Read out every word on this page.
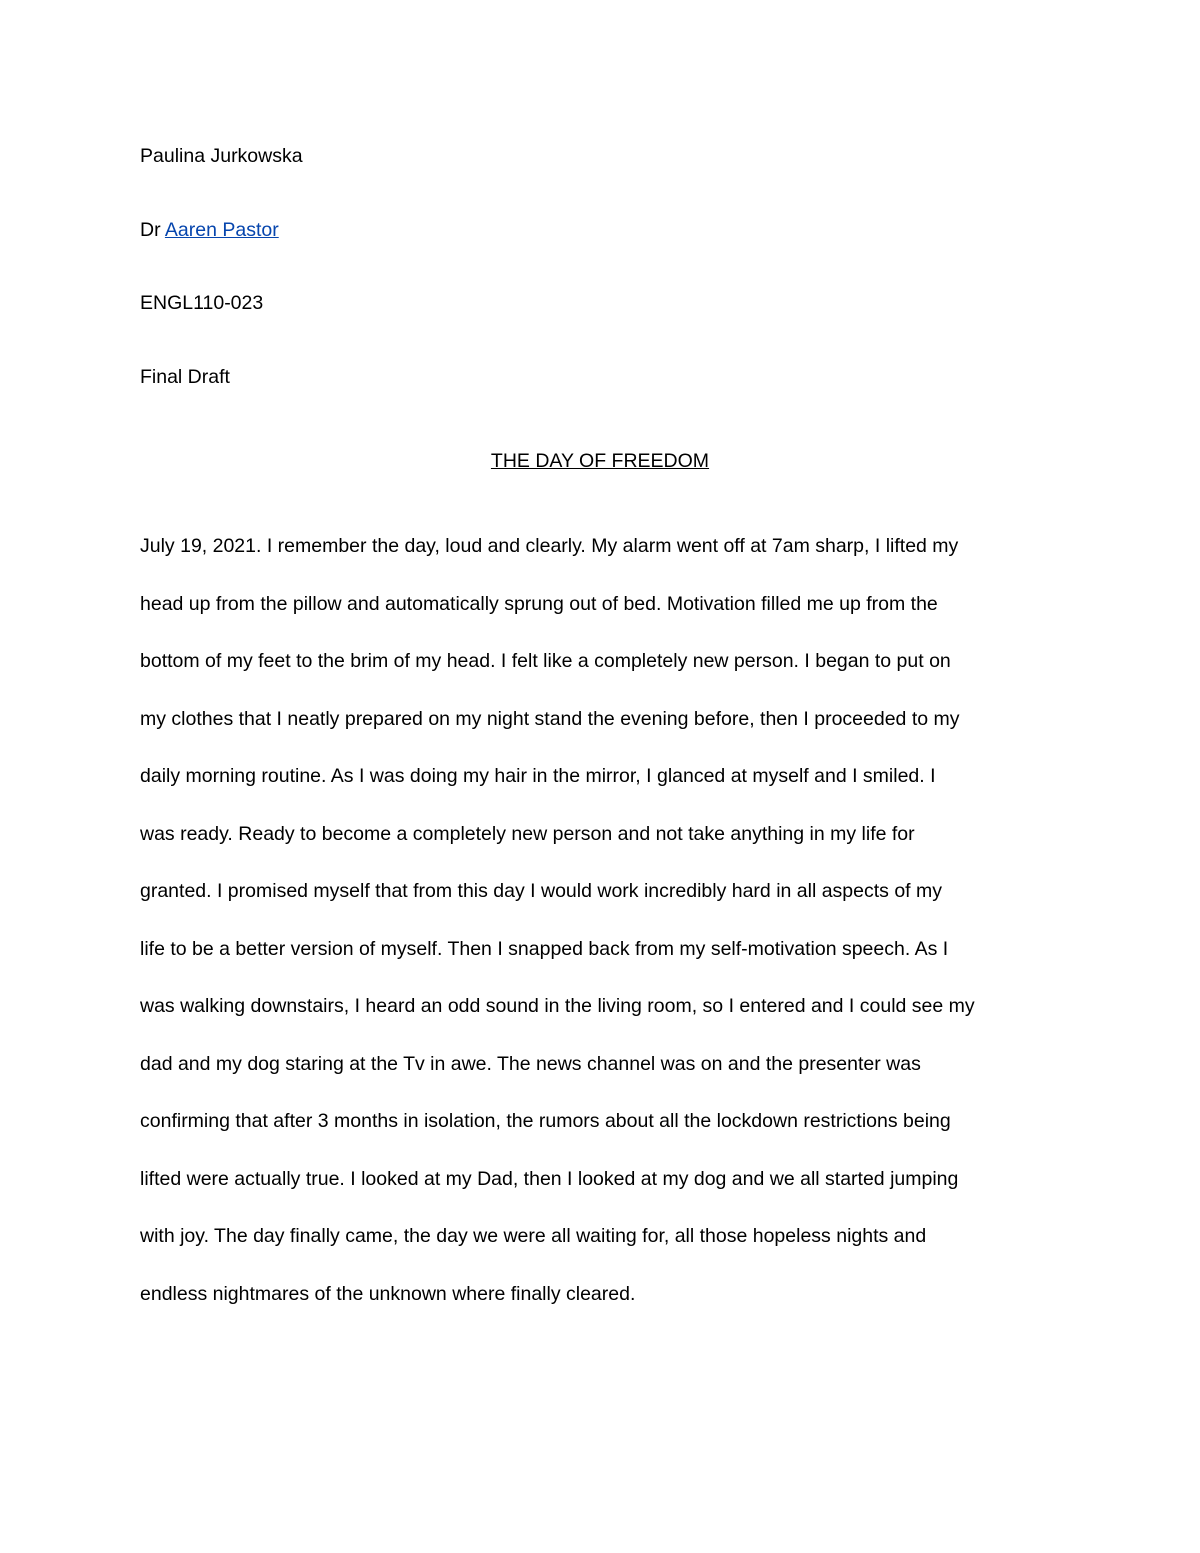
Paulina Jurkowska

Dr Aaren Pastor

ENGL110-023

Final Draft

THE DAY OF FREEDOM
July 19, 2021. I remember the day, loud and clearly. My alarm went off at 7am sharp, I lifted my
head up from the pillow and automatically sprung out of bed. Motivation filled me up from the
bottom of my feet to the brim of my head. I felt like a completely new person. I began to put on
my clothes that I neatly prepared on my night stand the evening before, then I proceeded to my
daily morning routine. As I was doing my hair in the mirror, I glanced at myself and I smiled. I
was ready. Ready to become a completely new person and not take anything in my life for
granted. I promised myself that from this day I would work incredibly hard in all aspects of my
life to be a better version of myself. Then I snapped back from my self-motivation speech. As I
was walking downstairs, I heard an odd sound in the living room, so I entered and I could see my
dad and my dog staring at the Tv in awe. The news channel was on and the presenter was
confirming that after 3 months in isolation, the rumors about all the lockdown restrictions being
lifted were actually true. I looked at my Dad, then I looked at my dog and we all started jumping
with joy. The day finally came, the day we were all waiting for, all those hopeless nights and
endless nightmares of the unknown where finally cleared.
